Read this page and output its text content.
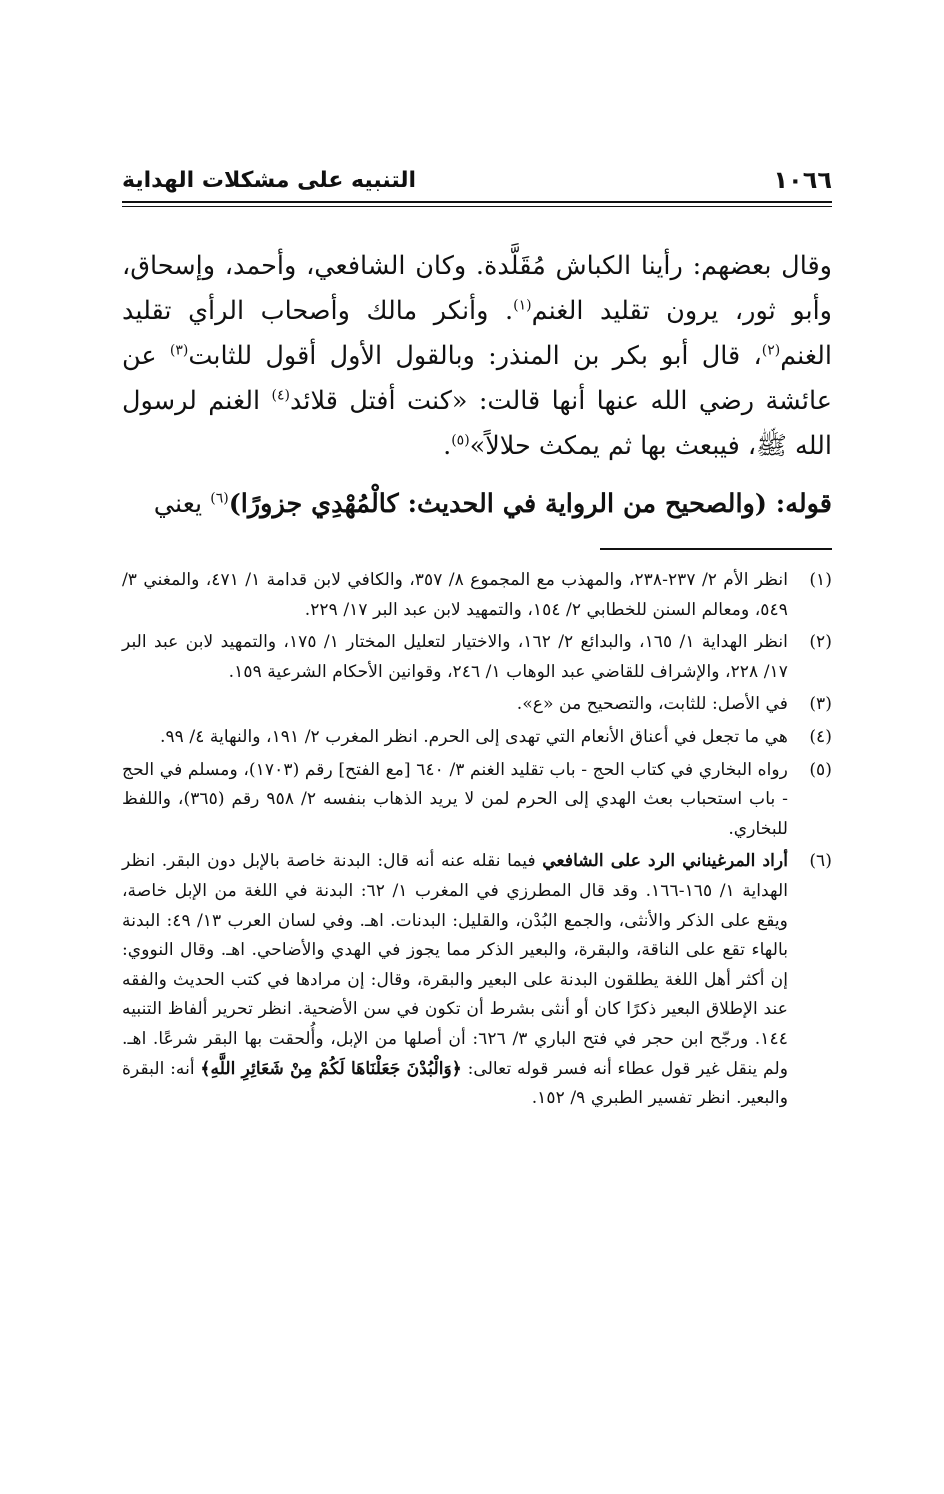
١٠٦٦
التنبيه على مشكلات الهداية

وقال بعضهم: رأينا الكباش مُقَلَّدة. وكان الشافعي، وأحمد، وإسحاق، وأبو ثور، يرون تقليد الغنم$^{(١)}$. وأنكر مالك وأصحاب الرأي تقليد الغنم$^{(٢)}$، قال أبو بكر بن المنذر: وبالقول الأول أقول للثابت$^{(٣)}$ عن عائشة رضي الله عنها أنها قالت: «كنت أفتل قلائد$^{(٤)}$ الغنم لرسول الله ﷺ، فيبعث بها ثم يمكث حلالاً»$^{(٥)}$.

قوله: (والصحيح من الرواية في الحديث: كالْمُهْدِي جزورًا)$^{(٦)}$ يعني
(١)
انظر الأم ٢/ ٢٣٧-٢٣٨، والمهذب مع المجموع ٨/ ٣٥٧، والكافي لابن قدامة ١/ ٤٧١، والمغني ٣/ ٥٤٩، ومعالم السنن للخطابي ٢/ ١٥٤، والتمهيد لابن عبد البر ١٧/ ٢٢٩.
(٢)
انظر الهداية ١/ ١٦٥، والبدائع ٢/ ١٦٢، والاختيار لتعليل المختار ١/ ١٧٥، والتمهيد لابن عبد البر ١٧/ ٢٢٨، والإشراف للقاضي عبد الوهاب ١/ ٢٤٦، وقوانين الأحكام الشرعية ١٥٩.
(٣)
في الأصل: للثابت، والتصحيح من «ع».
(٤)
هي ما تجعل في أعناق الأنعام التي تهدى إلى الحرم. انظر المغرب ٢/ ١٩١، والنهاية ٤/ ٩٩.
(٥)
رواه البخاري في كتاب الحج - باب تقليد الغنم ٣/ ٦٤٠ [مع الفتح] رقم (١٧٠٣)، ومسلم في الحج - باب استحباب بعث الهدي إلى الحرم لمن لا يريد الذهاب بنفسه ٢/ ٩٥٨ رقم (٣٦٥)، واللفظ للبخاري.
(٦)
أراد المرغيناني الرد على الشافعي فيما نقله عنه أنه قال: البدنة خاصة بالإبل دون البقر. انظر الهداية ١/ ١٦٥-١٦٦. وقد قال المطرزي في المغرب ١/ ٦٢: البدنة في اللغة من الإبل خاصة، ويقع على الذكر والأنثى، والجمع البُدْن، والقليل: البدنات. اهـ. وفي لسان العرب ١٣/ ٤٩: البدنة بالهاء تقع على الناقة، والبقرة، والبعير الذكر مما يجوز في الهدي والأضاحي. اهـ. وقال النووي: إن أكثر أهل اللغة يطلقون البدنة على البعير والبقرة، وقال: إن مرادها في كتب الحديث والفقه عند الإطلاق البعير ذكرًا كان أو أنثى بشرط أن تكون في سن الأضحية. انظر تحرير ألفاظ التنبيه ١٤٤. ورجّح ابن حجر في فتح الباري ٣/ ٦٢٦: أن أصلها من الإبل، وأُلحقت بها البقر شرعًا. اهـ. ولم ينقل غير قول عطاء أنه فسر قوله تعالى: ﴿وَالْبُدْنَ جَعَلْنَاهَا لَكُمْ مِنْ شَعَائِرِ اللَّهِ﴾ أنه: البقرة والبعير. انظر تفسير الطبري ٩/ ١٥٢.
